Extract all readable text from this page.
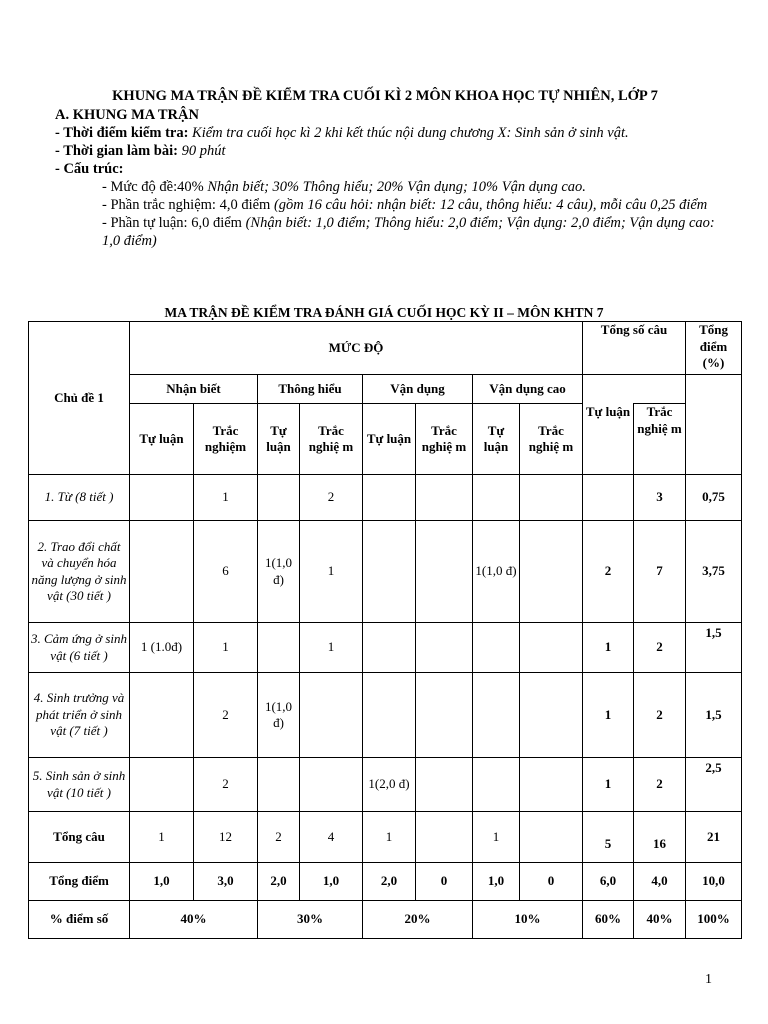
KHUNG MA TRẬN ĐỀ KIỂM TRA CUỐI KÌ 2 MÔN KHOA HỌC TỰ NHIÊN, LỚP 7

A. KHUNG MA TRẬN

- Thời điểm kiểm tra: Kiểm tra cuối học kì 2 khi kết thúc nội dung chương X: Sinh sản ở sinh vật.

- Thời gian làm bài: 90 phút

- Cấu trúc:

- Mức độ đề:40% Nhận biết; 30% Thông hiểu; 20% Vận dụng; 10% Vận dụng cao.

- Phần trắc nghiệm: 4,0 điểm (gồm 16 câu hỏi: nhận biết: 12 câu, thông hiểu: 4 câu), mỗi câu 0,25 điểm

- Phần tự luận: 6,0 điểm (Nhận biết: 1,0 điểm; Thông hiểu: 2,0 điểm; Vận dụng: 2,0 điểm; Vận dụng cao: 1,0 điểm)

MA TRẬN ĐỀ KIỂM TRA ĐÁNH GIÁ CUỐI HỌC KỲ II – MÔN KHTN 7
Chủ đề 1	MỨC ĐỘ								Tổng số câu		Tổng điểm (%)
	Nhận biết		Thông hiểu		Vận dụng		Vận dụng cao				
	Tự luận	Trắc nghiệm	Tự luận	Trắc nghiệ m	Tự luận	Trắc nghiệ m	Tự luận	Trắc nghiệ m	Tự luận	Trắc nghiệ m	
1. Từ (8 tiết )		1		2						3	0,75
2. Trao đổi chất và chuyển hóa năng lượng ở sinh vật (30 tiết )		6	1(1,0 đ)	1			1(1,0 đ)		2	7	3,75
3. Cảm ứng ở sinh vật (6 tiết )	1 (1.0đ)	1		1					1	2	1,5
4. Sinh trưởng và phát triển ở sinh vật (7 tiết )		2	1(1,0 đ)						1	2	1,5
5. Sinh sản ở sinh vật (10 tiết )		2			1(2,0 đ)				1	2	2,5
Tổng câu	1	12	2	4	1		1		5	16	21
Tổng điểm	1,0	3,0	2,0	1,0	2,0	0	1,0	0	6,0	4,0	10,0
% điểm số	40%		30%		20%		10%		60%	40%	100%
1
